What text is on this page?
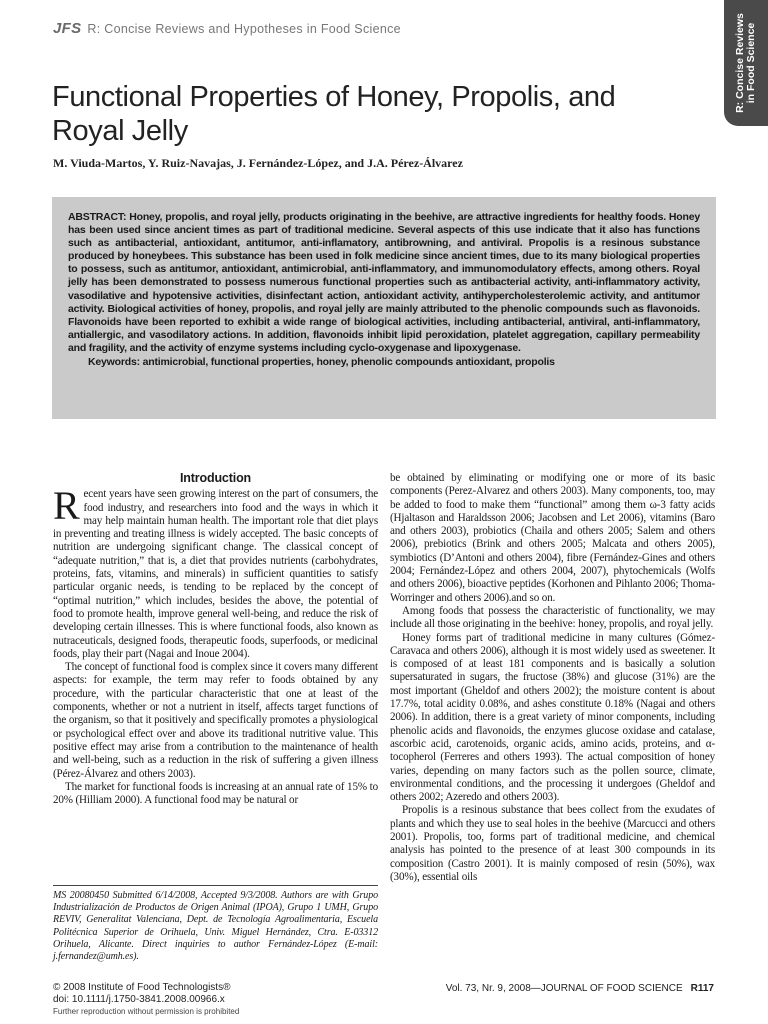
JFS R: Concise Reviews and Hypotheses in Food Science	R: Concise Reviews in Food Science
Functional Properties of Honey, Propolis, and Royal Jelly
M. Viuda-Martos, Y. Ruiz-Navajas, J. Fernández-López, and J.A. Pérez-Álvarez

ABSTRACT: Honey, propolis, and royal jelly, products originating in the beehive, are attractive ingredients for healthy foods. Honey has been used since ancient times as part of traditional medicine. Several aspects of this use indicate that it also has functions such as antibacterial, antioxidant, antitumor, anti-inflamatory, antibrowning, and antiviral. Propolis is a resinous substance produced by honeybees. This substance has been used in folk medicine since ancient times, due to its many biological properties to possess, such as antitumor, antioxidant, antimicrobial, anti-inflammatory, and immunomodulatory effects, among others. Royal jelly has been demonstrated to possess numerous functional properties such as antibacterial activity, anti-inflammatory activity, vasodilative and hypotensive activities, disinfectant action, antioxidant activity, antihypercholesterolemic activity, and antitumor activity. Biological activities of honey, propolis, and royal jelly are mainly attributed to the phenolic compounds such as flavonoids. Flavonoids have been reported to exhibit a wide range of biological activities, including antibacterial, antiviral, anti-inflammatory, antiallergic, and vasodilatory actions. In addition, flavonoids inhibit lipid peroxidation, platelet aggregation, capillary permeability and fragility, and the activity of enzyme systems including cyclo-oxygenase and lipoxygenase.

Keywords: antimicrobial, functional properties, honey, phenolic compounds antioxidant, propolis

Introduction

Recent years have seen growing interest on the part of consumers, the food industry, and researchers into food and the ways in which it may help maintain human health. The important role that diet plays in preventing and treating illness is widely accepted. The basic concepts of nutrition are undergoing significant change. The classical concept of “adequate nutrition,” that is, a diet that provides nutrients (carbohydrates, proteins, fats, vitamins, and minerals) in sufficient quantities to satisfy particular organic needs, is tending to be replaced by the concept of “optimal nutrition,” which includes, besides the above, the potential of food to promote health, improve general well-being, and reduce the risk of developing certain illnesses. This is where functional foods, also known as nutraceuticals, designed foods, therapeutic foods, superfoods, or medicinal foods, play their part (Nagai and Inoue 2004).

The concept of functional food is complex since it covers many different aspects: for example, the term may refer to foods obtained by any procedure, with the particular characteristic that one at least of the components, whether or not a nutrient in itself, affects target functions of the organism, so that it positively and specifically promotes a physiological or psychological effect over and above its traditional nutritive value. This positive effect may arise from a contribution to the maintenance of health and well-being, such as a reduction in the risk of suffering a given illness (Pérez-Álvarez and others 2003).

The market for functional foods is increasing at an annual rate of 15% to 20% (Hilliam 2000). A functional food may be natural or

be obtained by eliminating or modifying one or more of its basic components (Perez-Alvarez and others 2003). Many components, too, may be added to food to make them “functional” among them ω-3 fatty acids (Hjaltason and Haraldsson 2006; Jacobsen and Let 2006), vitamins (Baro and others 2003), probiotics (Chaila and others 2005; Salem and others 2006), prebiotics (Brink and others 2005; Malcata and others 2005), symbiotics (D’Antoni and others 2004), fibre (Fernández-Gines and others 2004; Fernández-López and others 2004, 2007), phytochemicals (Wolfs and others 2006), bioactive peptides (Korhonen and Pihlanto 2006; Thoma-Worringer and others 2006).and so on.

Among foods that possess the characteristic of functionality, we may include all those originating in the beehive: honey, propolis, and royal jelly.

Honey forms part of traditional medicine in many cultures (Gómez-Caravaca and others 2006), although it is most widely used as sweetener. It is composed of at least 181 components and is basically a solution supersaturated in sugars, the fructose (38%) and glucose (31%) are the most important (Gheldof and others 2002); the moisture content is about 17.7%, total acidity 0.08%, and ashes constitute 0.18% (Nagai and others 2006). In addition, there is a great variety of minor components, including phenolic acids and flavonoids, the enzymes glucose oxidase and catalase, ascorbic acid, carotenoids, organic acids, amino acids, proteins, and α-tocopherol (Ferreres and others 1993). The actual composition of honey varies, depending on many factors such as the pollen source, climate, environmental conditions, and the processing it undergoes (Gheldof and others 2002; Azeredo and others 2003).

Propolis is a resinous substance that bees collect from the exudates of plants and which they use to seal holes in the beehive (Marcucci and others 2001). Propolis, too, forms part of traditional medicine, and chemical analysis has pointed to the presence of at least 300 compounds in its composition (Castro 2001). It is mainly composed of resin (50%), wax (30%), essential oils

MS 20080450 Submitted 6/14/2008, Accepted 9/3/2008. Authors are with Grupo Industrialización de Productos de Origen Animal (IPOA), Grupo 1 UMH, Grupo REVIV, Generalitat Valenciana, Dept. de Tecnología Agroalimentaria, Escuela Politécnica Superior de Orihuela, Univ. Miguel Hernández, Ctra. E-03312 Orihuela, Alicante. Direct inquiries to author Fernández-López (E-mail: j.fernandez@umh.es).
© 2008 Institute of Food Technologists®
doi: 10.1111/j.1750-3841.2008.00966.x
Further reproduction without permission is prohibited
Vol. 73, Nr. 9, 2008—JOURNAL OF FOOD SCIENCE R117
